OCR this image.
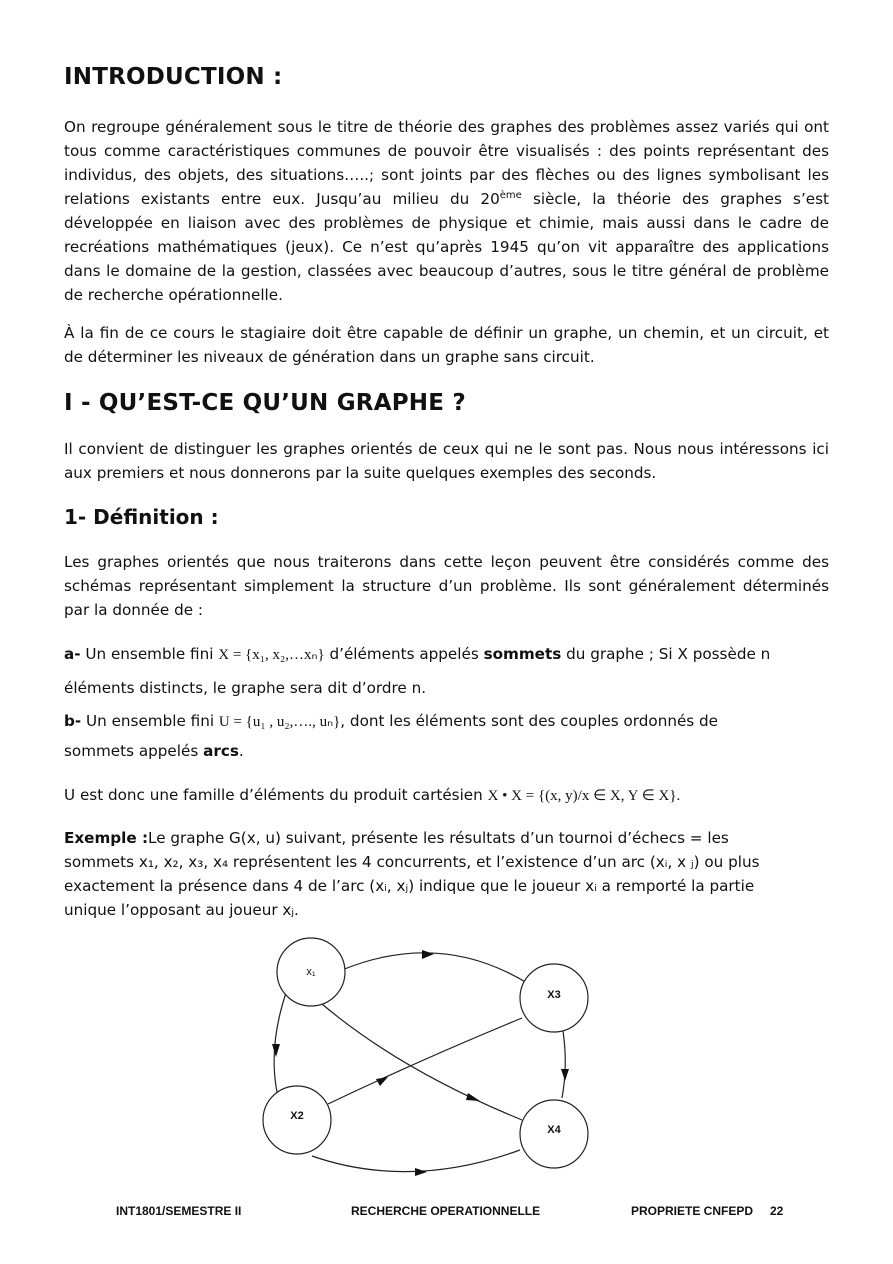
INTRODUCTION :

On regroupe généralement sous le titre de théorie des graphes des problèmes assez variés qui ont tous comme caractéristiques communes de pouvoir être visualisés : des points représentant des individus, des objets, des situations…..; sont joints par des flèches ou des lignes symbolisant les relations existants entre eux. Jusqu’au milieu du 20ème siècle, la théorie des graphes s’est développée en liaison avec des problèmes de physique et chimie, mais aussi dans le cadre de recréations mathématiques (jeux). Ce n’est qu’après 1945 qu’on vit apparaître des applications dans le domaine de la gestion, classées avec beaucoup d’autres, sous le titre général de problème de recherche opérationnelle.

À la fin de ce cours le stagiaire doit être capable de définir un graphe, un chemin, et un circuit, et de déterminer les niveaux de génération dans un graphe sans circuit.

I - QU’EST-CE QU’UN GRAPHE ?

Il convient de distinguer les graphes orientés de ceux qui ne le sont pas. Nous nous intéressons ici aux premiers et nous donnerons par la suite quelques exemples des seconds.

1- Définition :

Les graphes orientés que nous traiterons dans cette leçon peuvent être considérés comme des schémas représentant simplement la structure d’un problème. Ils sont généralement déterminés par la donnée de :

a- Un ensemble fini X = {x₁, x₂,…xₙ} d’éléments appelés sommets du graphe ; Si X possède n

éléments distincts, le graphe sera dit d’ordre n.

b- Un ensemble fini U = {u₁ , u₂,…., uₙ}, dont les éléments sont des couples ordonnés de

sommets appelés arcs.

U est donc une famille d’éléments du produit cartésien X • X = {(x, y)/x ∈ X, Y ∈ X}.

Exemple :Le graphe G(x, u) suivant, présente les résultats d’un tournoi d’échecs = les

sommets x₁, x₂, x₃, x₄ représentent les 4 concurrents, et l’existence d’un arc (xᵢ, x ⱼ) ou plus

exactement la présence dans 4 de l’arc (xᵢ, xⱼ) indique que le joueur xᵢ a remporté la partie

unique l’opposant au joueur xⱼ.

x₁
X2
X3
X4
INT1801/SEMESTRE II	RECHERCHE OPERATIONNELLE	PROPRIETE CNFEPD 22
